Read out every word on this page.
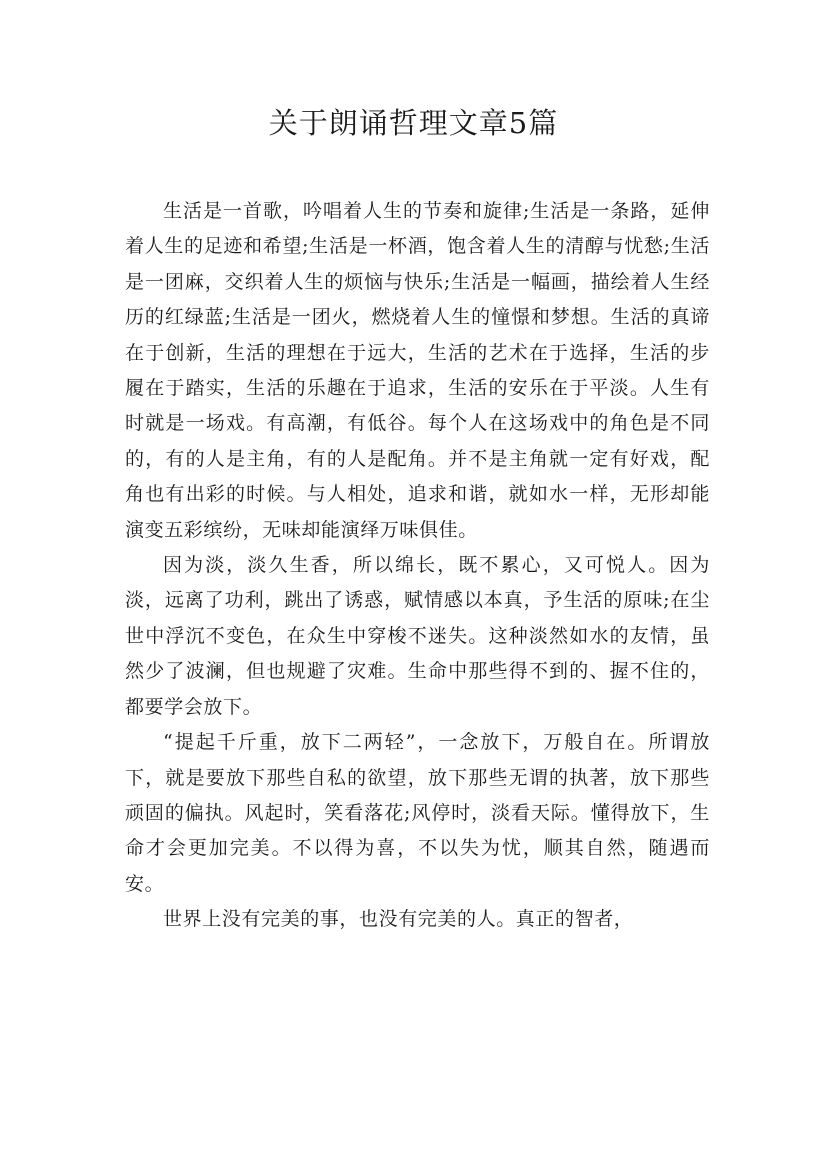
关于朗诵哲理文章5篇

生活是一首歌，吟唱着人生的节奏和旋律;生活是一条路，延伸着人生的足迹和希望;生活是一杯酒，饱含着人生的清醇与忧愁;生活是一团麻，交织着人生的烦恼与快乐;生活是一幅画，描绘着人生经历的红绿蓝;生活是一团火，燃烧着人生的憧憬和梦想。生活的真谛在于创新，生活的理想在于远大，生活的艺术在于选择，生活的步履在于踏实，生活的乐趣在于追求，生活的安乐在于平淡。人生有时就是一场戏。有高潮，有低谷。每个人在这场戏中的角色是不同的，有的人是主角，有的人是配角。并不是主角就一定有好戏，配角也有出彩的时候。与人相处，追求和谐，就如水一样，无形却能演变五彩缤纷，无味却能演绎万味俱佳。

因为淡，淡久生香，所以绵长，既不累心，又可悦人。因为淡，远离了功利，跳出了诱惑，赋情感以本真，予生活的原味;在尘世中浮沉不变色，在众生中穿梭不迷失。这种淡然如水的友情，虽然少了波澜，但也规避了灾难。生命中那些得不到的、握不住的，都要学会放下。

“提起千斤重，放下二两轻”，一念放下，万般自在。所谓放下，就是要放下那些自私的欲望，放下那些无谓的执著，放下那些顽固的偏执。风起时，笑看落花;风停时，淡看天际。懂得放下，生命才会更加完美。不以得为喜，不以失为忧，顺其自然，随遇而安。

世界上没有完美的事，也没有完美的人。真正的智者，
